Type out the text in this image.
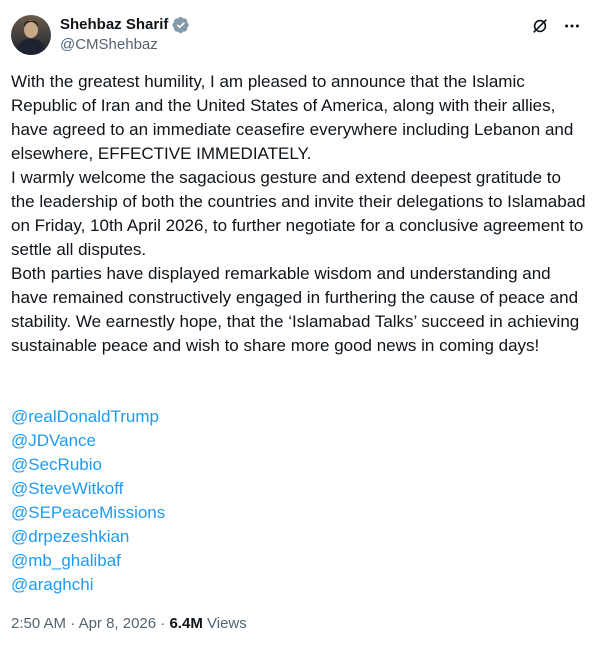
Shehbaz Sharif
@CMShehbaz

With the greatest humility, I am pleased to announce that the Islamic Republic of Iran and the United States of America, along with their allies, have agreed to an immediate ceasefire everywhere including Lebanon and elsewhere, EFFECTIVE IMMEDIATELY.

I warmly welcome the sagacious gesture and extend deepest gratitude to the leadership of both the countries and invite their delegations to Islamabad on Friday, 10th April 2026, to further negotiate for a conclusive agreement to settle all disputes.

Both parties have displayed remarkable wisdom and understanding and have remained constructively engaged in furthering the cause of peace and stability. We earnestly hope, that the ‘Islamabad Talks’ succeed in achieving sustainable peace and wish to share more good news in coming days!

@realDonaldTrump
@JDVance
@SecRubio
@SteveWitkoff
@SEPeaceMissions
@drpezeshkian
@mb_ghalibaf
@araghchi
2:50 AM · Apr 8, 2026 · 6.4M Views
